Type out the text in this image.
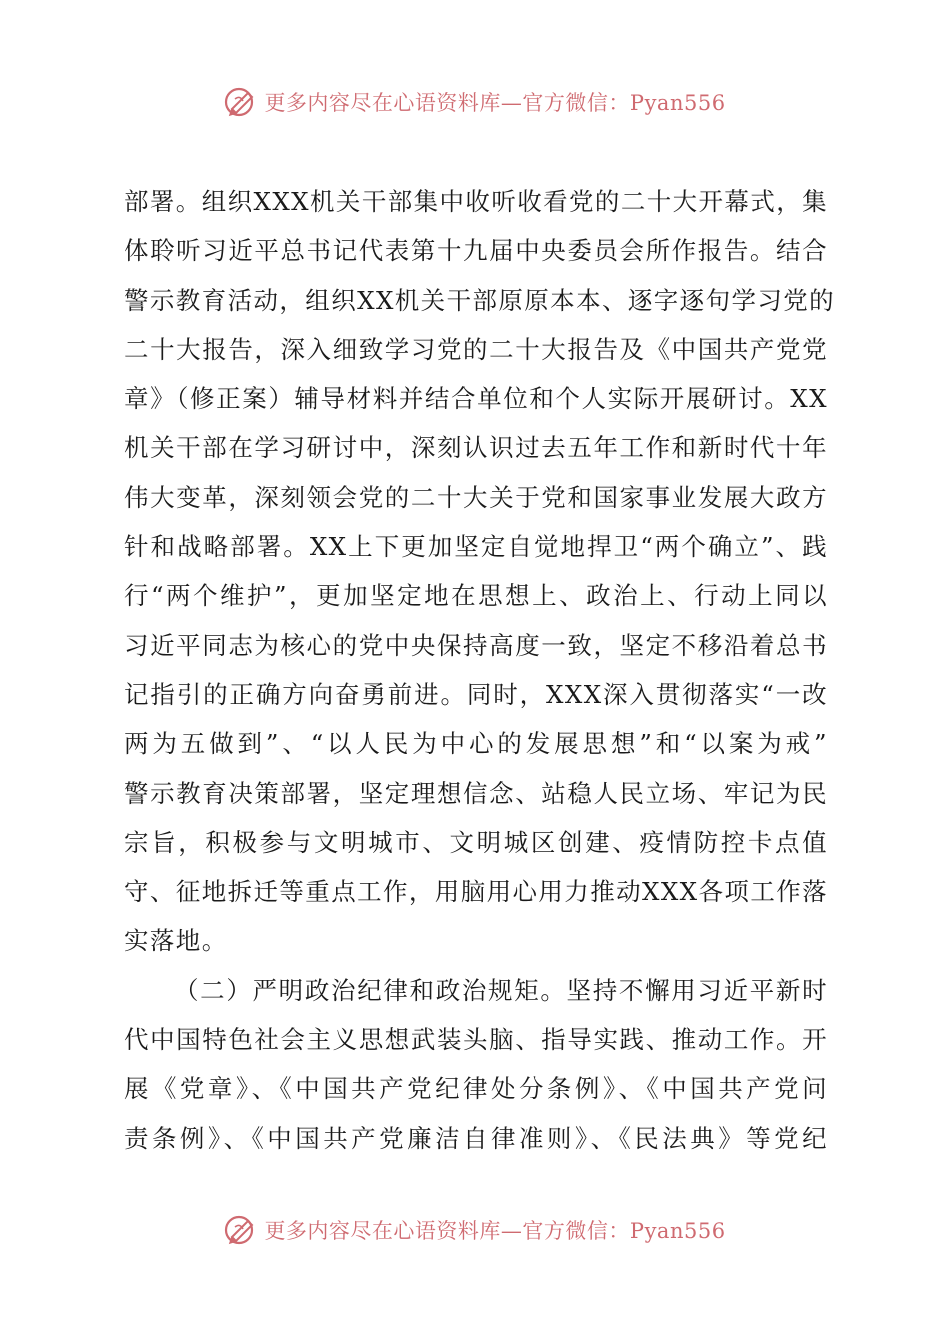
更多内容尽在心语资料库—官方微信：Pyan556
部署。组织XXX机关干部集中收听收看党的二十大开幕式，集
体聆听习近平总书记代表第十九届中央委员会所作报告。结合
警示教育活动，组织XX机关干部原原本本、逐字逐句学习党的
二十大报告，深入细致学习党的二十大报告及《中国共产党党
章》（修正案）辅导材料并结合单位和个人实际开展研讨。XX
机关干部在学习研讨中，深刻认识过去五年工作和新时代十年
伟大变革，深刻领会党的二十大关于党和国家事业发展大政方
针和战略部署。XX上下更加坚定自觉地捍卫“两个确立”、践
行“两个维护”，更加坚定地在思想上、政治上、行动上同以
习近平同志为核心的党中央保持高度一致，坚定不移沿着总书
记指引的正确方向奋勇前进。同时，XXX深入贯彻落实“一改
两为五做到”、“以人民为中心的发展思想”和“以案为戒”
警示教育决策部署，坚定理想信念、站稳人民立场、牢记为民
宗旨，积极参与文明城市、文明城区创建、疫情防控卡点值
守、征地拆迁等重点工作，用脑用心用力推动XXX各项工作落
实落地。
（二）严明政治纪律和政治规矩。坚持不懈用习近平新时
代中国特色社会主义思想武装头脑、指导实践、推动工作。开
展《党章》、《中国共产党纪律处分条例》、《中国共产党问
责条例》、《中国共产党廉洁自律准则》、《民法典》等党纪
更多内容尽在心语资料库—官方微信：Pyan556
